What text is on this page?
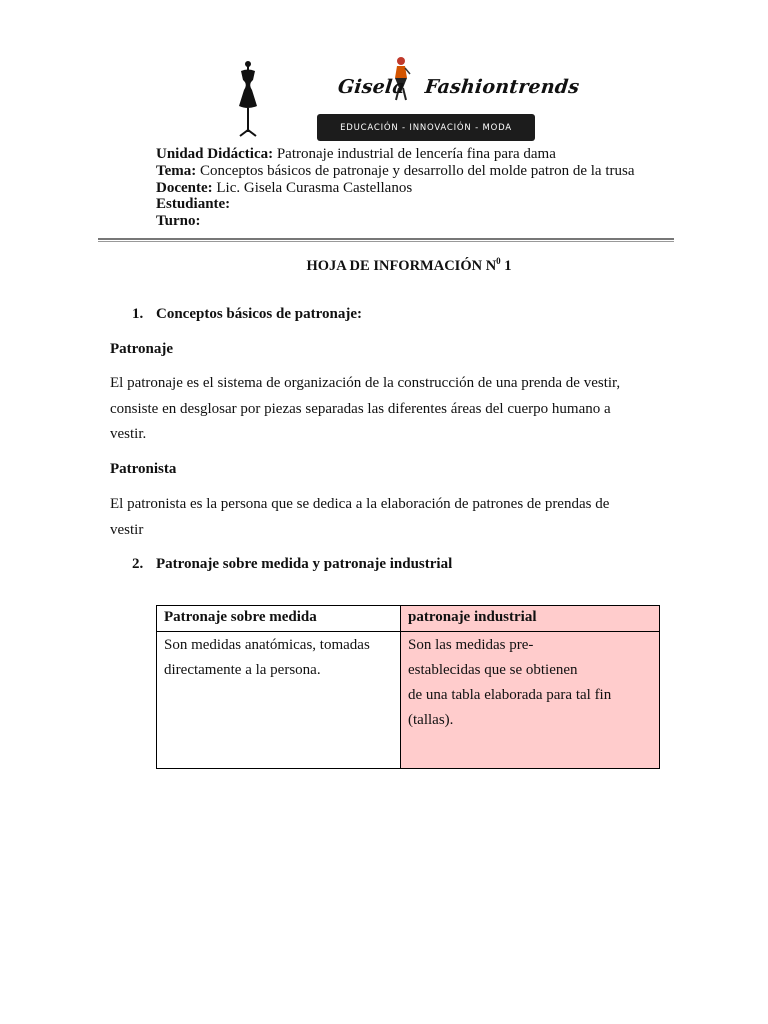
Gisela Fashiontrends
EDUCACIÓN - INNOVACIÓN - MODA
Unidad Didáctica: Patronaje industrial de lencería fina para dama
Tema: Conceptos básicos de patronaje y desarrollo del molde patron de la trusa
Docente: Lic. Gisela Curasma Castellanos
Estudiante:
Turno:
HOJA DE INFORMACIÓN $N^0$ 1
1. Conceptos básicos de patronaje:
Patronaje
El patronaje es el sistema de organización de la construcción de una prenda de vestir,
consiste en desglosar por piezas separadas las diferentes áreas del cuerpo humano a
vestir.
Patronista
El patronista es la persona que se dedica a la elaboración de patrones de prendas de
vestir
2. Patronaje sobre medida y patronaje industrial
Patronaje sobre medida
Son medidas anatómicas, tomadas
directamente a la persona.
patronaje industrial
Son las medidas pre-
establecidas que se obtienen
de una tabla elaborada para tal fin
(tallas).
